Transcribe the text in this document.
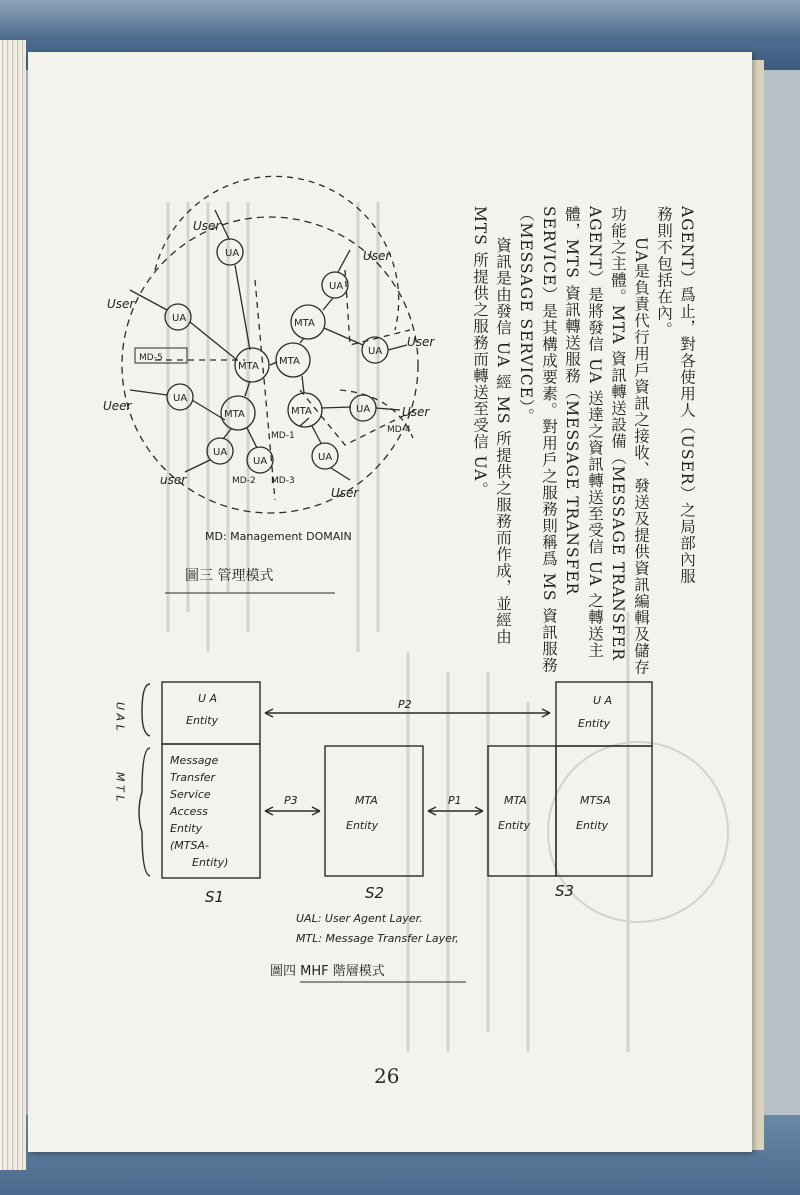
AGENT）爲止，對各使用人（USER）之局部內服

務則不包括在內。

UA是負責代行用戶資訊之接收、發送及提供資訊編輯及儲存功能之主體。MTA 資訊轉送設備（MESSAGE TRANSFER AGENT）是將發信 UA 送達之資訊轉送至受信 UA 之轉送主體，MTS 資訊轉送服務（MESSAGE TRANSFER SERVICE）是其構成要素。對用戶之服務則稱爲 MS 資訊服務（MESSAGE SERVICE）。

資訊是由發信 UA 經 MS 所提供之服務而作成，並經由 MTS 所提供之服務而轉送至受信 UA。

UA
UA
MTA MTA
MTA
MTA	MTA
UA
UA
UA
UA
UA
UA	UA
User
User
User
User
Ueer	User
user
User
MD-5
MD-1
MD-2 MD-3
MD-4
MD: Management DOMAIN
圖三 管理模式
U A L
M T L
U A
Entity
Message
Transfer
Service
Access
Entity
(MTSA-
Entity)
MTA
Entity
MTA
Entity
MTSA
Entity
U A
Entity
P2
P3	P1
S1	S2	S3
UAL: User Agent Layer.
MTL: Message Transfer Layer,
圖四 MHF 階層模式
26
